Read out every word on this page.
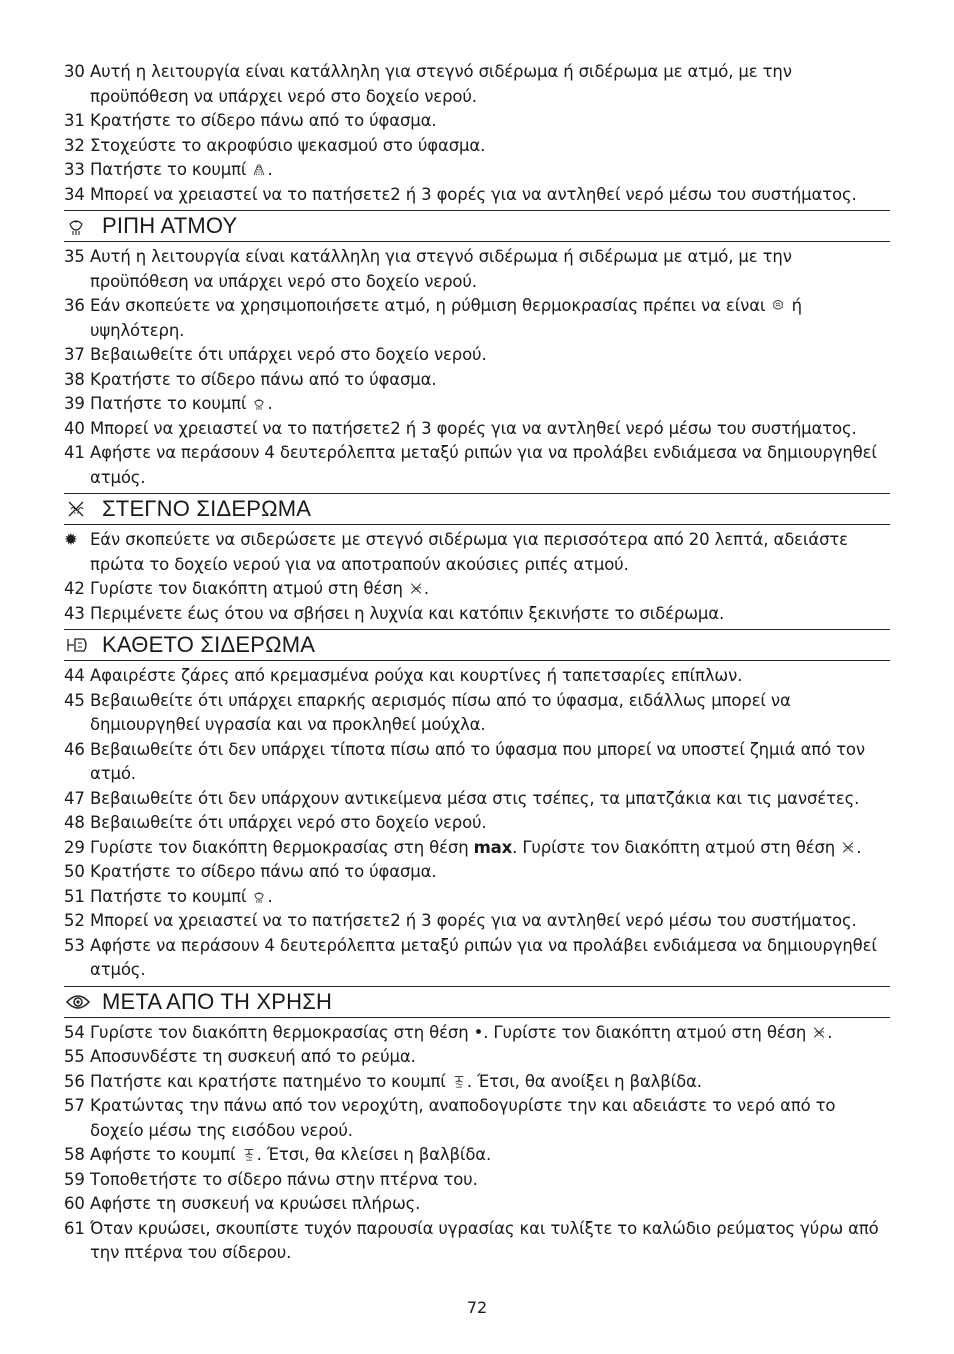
30 Αυτή η λειτουργία είναι κατάλληλη για στεγνό σιδέρωμα ή σιδέρωμα με ατμό, με την προϋπόθεση να υπάρχει νερό στο δοχείο νερού.
31 Κρατήστε το σίδερο πάνω από το ύφασμα.
32 Στοχεύστε το ακροφύσιο ψεκασμού στο ύφασμα.
33 Πατήστε το κουμπί .
34 Μπορεί να χρειαστεί να το πατήσετε2 ή 3 φορές για να αντληθεί νερό μέσω του συστήματος.
ΡΙΠΗ ΑΤΜΟΥ
35 Αυτή η λειτουργία είναι κατάλληλη για στεγνό σιδέρωμα ή σιδέρωμα με ατμό, με την προϋπόθεση να υπάρχει νερό στο δοχείο νερού.
36 Εάν σκοπεύετε να χρησιμοποιήσετε ατμό, η ρύθμιση θερμοκρασίας πρέπει να είναι ή υψηλότερη.
37 Βεβαιωθείτε ότι υπάρχει νερό στο δοχείο νερού.
38 Κρατήστε το σίδερο πάνω από το ύφασμα.
39 Πατήστε το κουμπί .
40 Μπορεί να χρειαστεί να το πατήσετε2 ή 3 φορές για να αντληθεί νερό μέσω του συστήματος.
41 Αφήστε να περάσουν 4 δευτερόλεπτα μεταξύ ριπών για να προλάβει ενδιάμεσα να δημιουργηθεί ατμός.
ΣΤΕΓΝΟ ΣΙΔΕΡΩΜΑ
✹ Εάν σκοπεύετε να σιδερώσετε με στεγνό σιδέρωμα για περισσότερα από 20 λεπτά, αδειάστε πρώτα το δοχείο νερού για να αποτραπούν ακούσιες ριπές ατμού.
42 Γυρίστε τον διακόπτη ατμού στη θέση .
43 Περιμένετε έως ότου να σβήσει η λυχνία και κατόπιν ξεκινήστε το σιδέρωμα.
ΚΑΘΕΤΟ ΣΙΔΕΡΩΜΑ
44 Αφαιρέστε ζάρες από κρεμασμένα ρούχα και κουρτίνες ή ταπετσαρίες επίπλων.
45 Βεβαιωθείτε ότι υπάρχει επαρκής αερισμός πίσω από το ύφασμα, ειδάλλως μπορεί να δημιουργηθεί υγρασία και να προκληθεί μούχλα.
46 Βεβαιωθείτε ότι δεν υπάρχει τίποτα πίσω από το ύφασμα που μπορεί να υποστεί ζημιά από τον ατμό.
47 Βεβαιωθείτε ότι δεν υπάρχουν αντικείμενα μέσα στις τσέπες, τα μπατζάκια και τις μανσέτες.
48 Βεβαιωθείτε ότι υπάρχει νερό στο δοχείο νερού.
29 Γυρίστε τον διακόπτη θερμοκρασίας στη θέση max. Γυρίστε τον διακόπτη ατμού στη θέση .
50 Κρατήστε το σίδερο πάνω από το ύφασμα.
51 Πατήστε το κουμπί .
52 Μπορεί να χρειαστεί να το πατήσετε2 ή 3 φορές για να αντληθεί νερό μέσω του συστήματος.
53 Αφήστε να περάσουν 4 δευτερόλεπτα μεταξύ ριπών για να προλάβει ενδιάμεσα να δημιουργηθεί ατμός.
ΜΕΤΑ ΑΠΟ ΤΗ ΧΡΗΣΗ
54 Γυρίστε τον διακόπτη θερμοκρασίας στη θέση •. Γυρίστε τον διακόπτη ατμού στη θέση .
55 Αποσυνδέστε τη συσκευή από το ρεύμα.
56 Πατήστε και κρατήστε πατημένο το κουμπί . Έτσι, θα ανοίξει η βαλβίδα.
57 Κρατώντας την πάνω από τον νεροχύτη, αναποδογυρίστε την και αδειάστε το νερό από το δοχείο μέσω της εισόδου νερού.
58 Αφήστε το κουμπί . Έτσι, θα κλείσει η βαλβίδα.
59 Τοποθετήστε το σίδερο πάνω στην πτέρνα του.
60 Αφήστε τη συσκευή να κρυώσει πλήρως.
61 Όταν κρυώσει, σκουπίστε τυχόν παρουσία υγρασίας και τυλίξτε το καλώδιο ρεύματος γύρω από την πτέρνα του σίδερου.
72
